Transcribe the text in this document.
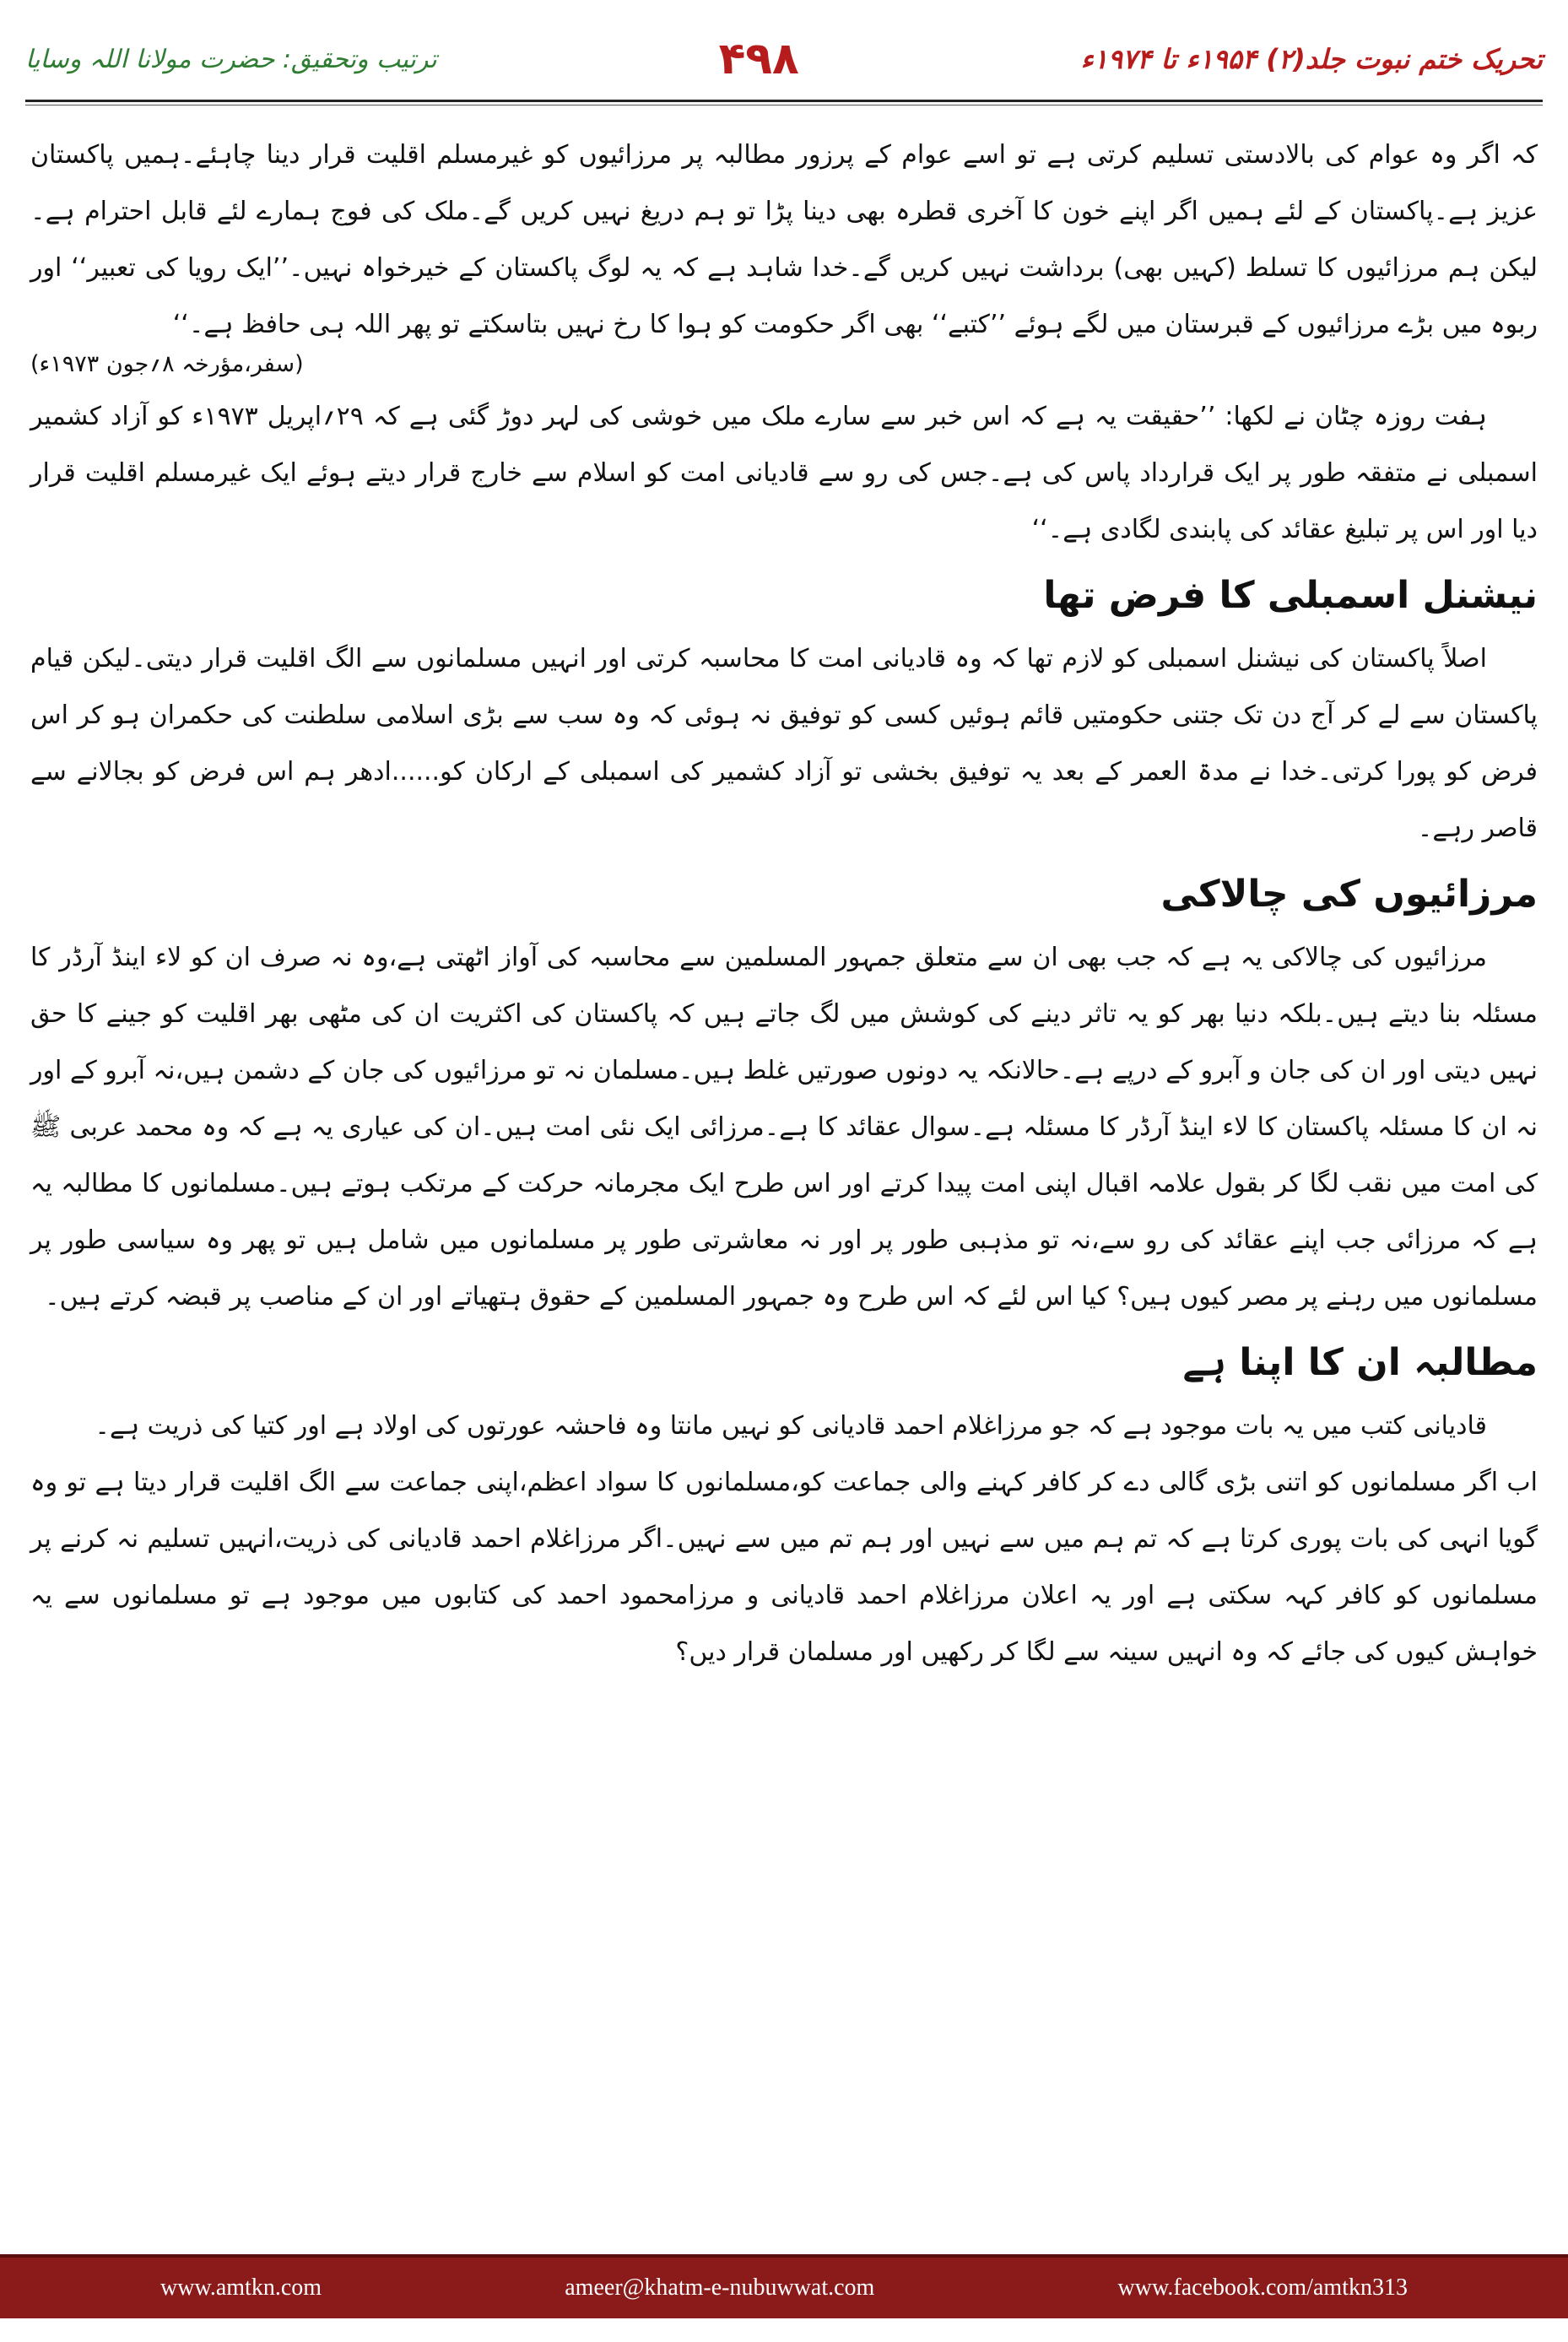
ترتیب وتحقیق: حضرت مولانا اللہ وسایا	۴۹۸	تحریک ختم نبوت جلد(۲) ۱۹۵۴ء تا ۱۹۷۴ء

کہ اگر وہ عوام کی بالادستی تسلیم کرتی ہے تو اسے عوام کے پرزور مطالبہ پر مرزائیوں کو غیرمسلم اقلیت قرار دینا چاہئے۔ہمیں پاکستان عزیز ہے۔پاکستان کے لئے ہمیں اگر اپنے خون کا آخری قطرہ بھی دینا پڑا تو ہم دریغ نہیں کریں گے۔ملک کی فوج ہمارے لئے قابل احترام ہے۔لیکن ہم مرزائیوں کا تسلط (کہیں بھی) برداشت نہیں کریں گے۔خدا شاہد ہے کہ یہ لوگ پاکستان کے خیرخواہ نہیں۔’’ایک رویا کی تعبیر‘‘ اور ربوہ میں بڑے مرزائیوں کے قبرستان میں لگے ہوئے ’’کتبے‘‘ بھی اگر حکومت کو ہوا کا رخ نہیں بتاسکتے تو پھر اللہ ہی حافظ ہے۔‘‘

(سفر،مؤرخہ ۸؍جون ۱۹۷۳ء)

ہفت روزہ چٹان نے لکھا: ’’حقیقت یہ ہے کہ اس خبر سے سارے ملک میں خوشی کی لہر دوڑ گئی ہے کہ ۲۹؍اپریل ۱۹۷۳ء کو آزاد کشمیر اسمبلی نے متفقہ طور پر ایک قرارداد پاس کی ہے۔جس کی رو سے قادیانی امت کو اسلام سے خارج قرار دیتے ہوئے ایک غیرمسلم اقلیت قرار دیا اور اس پر تبلیغ عقائد کی پابندی لگادی ہے۔‘‘

نیشنل اسمبلی کا فرض تھا

اصلاً پاکستان کی نیشنل اسمبلی کو لازم تھا کہ وہ قادیانی امت کا محاسبہ کرتی اور انہیں مسلمانوں سے الگ اقلیت قرار دیتی۔لیکن قیام پاکستان سے لے کر آج دن تک جتنی حکومتیں قائم ہوئیں کسی کو توفیق نہ ہوئی کہ وہ سب سے بڑی اسلامی سلطنت کی حکمران ہو کر اس فرض کو پورا کرتی۔خدا نے مدۃ العمر کے بعد یہ توفیق بخشی تو آزاد کشمیر کی اسمبلی کے ارکان کو......ادھر ہم اس فرض کو بجالانے سے قاصر رہے۔

مرزائیوں کی چالاکی

مرزائیوں کی چالاکی یہ ہے کہ جب بھی ان سے متعلق جمہور المسلمین سے محاسبہ کی آواز اٹھتی ہے،وہ نہ صرف ان کو لاء اینڈ آرڈر کا مسئلہ بنا دیتے ہیں۔بلکہ دنیا بھر کو یہ تاثر دینے کی کوشش میں لگ جاتے ہیں کہ پاکستان کی اکثریت ان کی مٹھی بھر اقلیت کو جینے کا حق نہیں دیتی اور ان کی جان و آبرو کے درپے ہے۔حالانکہ یہ دونوں صورتیں غلط ہیں۔مسلمان نہ تو مرزائیوں کی جان کے دشمن ہیں،نہ آبرو کے اور نہ ان کا مسئلہ پاکستان کا لاء اینڈ آرڈر کا مسئلہ ہے۔سوال عقائد کا ہے۔مرزائی ایک نئی امت ہیں۔ان کی عیاری یہ ہے کہ وہ محمد عربی ﷺ کی امت میں نقب لگا کر بقول علامہ اقبال اپنی امت پیدا کرتے اور اس طرح ایک مجرمانہ حرکت کے مرتکب ہوتے ہیں۔مسلمانوں کا مطالبہ یہ ہے کہ مرزائی جب اپنے عقائد کی رو سے،نہ تو مذہبی طور پر اور نہ معاشرتی طور پر مسلمانوں میں شامل ہیں تو پھر وہ سیاسی طور پر مسلمانوں میں رہنے پر مصر کیوں ہیں؟ کیا اس لئے کہ اس طرح وہ جمہور المسلمین کے حقوق ہتھیاتے اور ان کے مناصب پر قبضہ کرتے ہیں۔

مطالبہ ان کا اپنا ہے

قادیانی کتب میں یہ بات موجود ہے کہ جو مرزاغلام احمد قادیانی کو نہیں مانتا وہ فاحشہ عورتوں کی اولاد ہے اور کتیا کی ذریت ہے۔

اب اگر مسلمانوں کو اتنی بڑی گالی دے کر کافر کہنے والی جماعت کو،مسلمانوں کا سواد اعظم،اپنی جماعت سے الگ اقلیت قرار دیتا ہے تو وہ گویا انہی کی بات پوری کرتا ہے کہ تم ہم میں سے نہیں اور ہم تم میں سے نہیں۔اگر مرزاغلام احمد قادیانی کی ذریت،انہیں تسلیم نہ کرنے پر مسلمانوں کو کافر کہہ سکتی ہے اور یہ اعلان مرزاغلام احمد قادیانی و مرزامحمود احمد کی کتابوں میں موجود ہے تو مسلمانوں سے یہ خواہش کیوں کی جائے کہ وہ انہیں سینہ سے لگا کر رکھیں اور مسلمان قرار دیں؟

www.amtkn.com	ameer@khatm-e-nubuwwat.com	www.facebook.com/amtkn313
